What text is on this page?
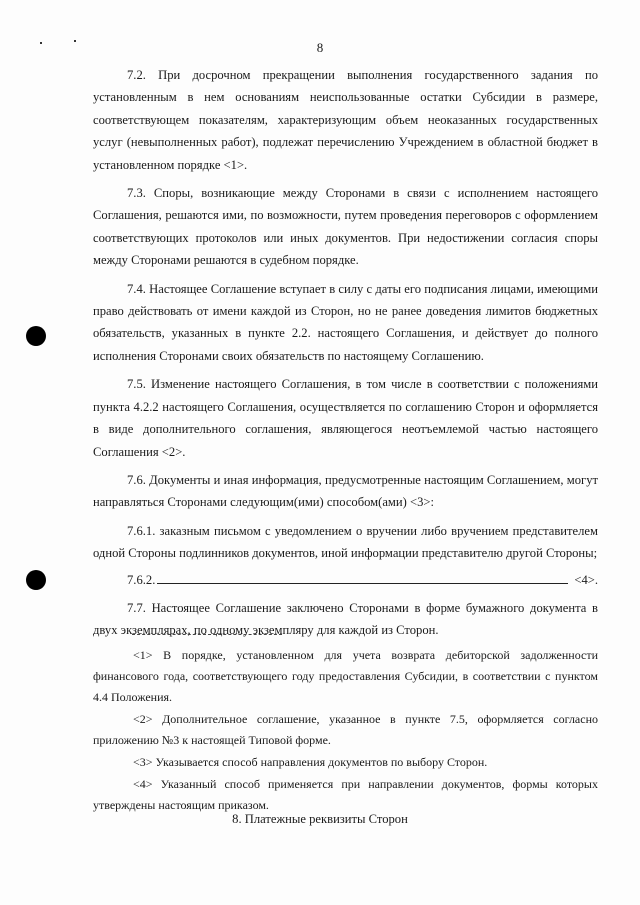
8

7.2. При досрочном прекращении выполнения государственного задания по установленным в нем основаниям неиспользованные остатки Субсидии в размере, соответствующем показателям, характеризующим объем неоказанных государственных услуг (невыполненных работ), подлежат перечислению Учреждением в областной бюджет в установленном порядке <1>.

7.3. Споры, возникающие между Сторонами в связи с исполнением настоящего Соглашения, решаются ими, по возможности, путем проведения переговоров с оформлением соответствующих протоколов или иных документов. При недостижении согласия споры между Сторонами решаются в судебном порядке.

7.4. Настоящее Соглашение вступает в силу с даты его подписания лицами, имеющими право действовать от имени каждой из Сторон, но не ранее доведения лимитов бюджетных обязательств, указанных в пункте 2.2. настоящего Соглашения, и действует до полного исполнения Сторонами своих обязательств по настоящему Соглашению.

7.5. Изменение настоящего Соглашения, в том числе в соответствии с положениями пункта 4.2.2 настоящего Соглашения, осуществляется по соглашению Сторон и оформляется в виде дополнительного соглашения, являющегося неотъемлемой частью настоящего Соглашения <2>.

7.6. Документы и иная информация, предусмотренные настоящим Соглашением, могут направляться Сторонами следующим(ими) способом(ами) <3>:

7.6.1. заказным письмом с уведомлением о вручении либо вручением представителем одной Стороны подлинников документов, иной информации представителю другой Стороны;

7.6.2.	<4>.

7.7. Настоящее Соглашение заключено Сторонами в форме бумажного документа в двух экземплярах, по одному экземпляру для каждой из Сторон.

<1> В порядке, установленном для учета возврата дебиторской задолженности финансового года, соответствующего году предоставления Субсидии, в соответствии с пунктом 4.4 Положения.

<2> Дополнительное соглашение, указанное в пункте 7.5, оформляется согласно приложению №3 к настоящей Типовой форме.

<3> Указывается способ направления документов по выбору Сторон.

<4> Указанный способ применяется при направлении документов, формы которых утверждены настоящим приказом.

8. Платежные реквизиты Сторон
